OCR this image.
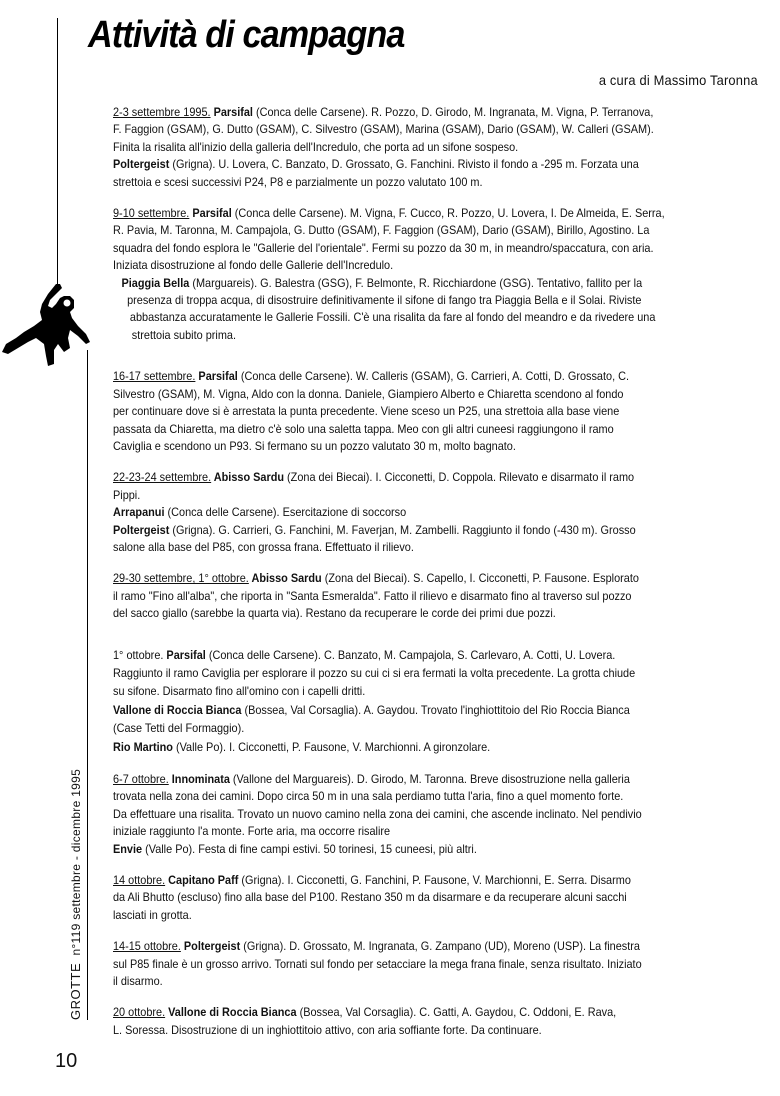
Attività di campagna
a cura di Massimo Taronna

2-3 settembre 1995. Parsifal (Conca delle Carsene). R. Pozzo, D. Girodo, M. Ingranata, M. Vigna, P. Terranova,
F. Faggion (GSAM), G. Dutto (GSAM), C. Silvestro (GSAM), Marina (GSAM), Dario (GSAM), W. Calleri (GSAM).
Finita la risalita all'inizio della galleria dell'Incredulo, che porta ad un sifone sospeso.
Poltergeist (Grigna). U. Lovera, C. Banzato, D. Grossato, G. Fanchini. Rivisto il fondo a -295 m. Forzata una
strettoia e scesi successivi P24, P8 e parzialmente un pozzo valutato 100 m.

9-10 settembre. Parsifal (Conca delle Carsene). M. Vigna, F. Cucco, R. Pozzo, U. Lovera, I. De Almeida, E. Serra,
R. Pavia, M. Taronna, M. Campajola, G. Dutto (GSAM), F. Faggion (GSAM), Dario (GSAM), Birillo, Agostino. La
squadra del fondo esplora le "Gallerie del l'orientale". Fermi su pozzo da 30 m, in meandro/spaccatura, con aria.
Iniziata disostruzione al fondo delle Gallerie dell'Incredulo.
Piaggia Bella (Marguareis). G. Balestra (GSG), F. Belmonte, R. Ricchiardone (GSG). Tentativo, fallito per la
presenza di troppa acqua, di disostruire definitivamente il sifone di fango tra Piaggia Bella e il Solai. Riviste
abbastanza accuratamente le Gallerie Fossili. C'è una risalita da fare al fondo del meandro e da rivedere una
strettoia subito prima.

16-17 settembre. Parsifal (Conca delle Carsene). W. Calleris (GSAM), G. Carrieri, A. Cotti, D. Grossato, C.
Silvestro (GSAM), M. Vigna, Aldo con la donna. Daniele, Giampiero Alberto e Chiaretta scendono al fondo
per continuare dove si è arrestata la punta precedente. Viene sceso un P25, una strettoia alla base viene
passata da Chiaretta, ma dietro c'è solo una saletta tappa. Meo con gli altri cuneesi raggiungono il ramo
Caviglia e scendono un P93. Si fermano su un pozzo valutato 30 m, molto bagnato.

22-23-24 settembre. Abisso Sardu (Zona dei Biecai). I. Cicconetti, D. Coppola. Rilevato e disarmato il ramo
Pippi.
Arrapanui (Conca delle Carsene). Esercitazione di soccorso
Poltergeist (Grigna). G. Carrieri, G. Fanchini, M. Faverjan, M. Zambelli. Raggiunto il fondo (-430 m). Grosso
salone alla base del P85, con grossa frana. Effettuato il rilievo.

29-30 settembre, 1° ottobre. Abisso Sardu (Zona del Biecai). S. Capello, I. Cicconetti, P. Fausone. Esplorato
il ramo "Fino all'alba", che riporta in "Santa Esmeralda". Fatto il rilievo e disarmato fino al traverso sul pozzo
del sacco giallo (sarebbe la quarta via). Restano da recuperare le corde dei primi due pozzi.

1° ottobre. Parsifal (Conca delle Carsene). C. Banzato, M. Campajola, S. Carlevaro, A. Cotti, U. Lovera.
Raggiunto il ramo Caviglia per esplorare il pozzo su cui ci si era fermati la volta precedente. La grotta chiude
su sifone. Disarmato fino all'omino con i capelli dritti.
Vallone di Roccia Bianca (Bossea, Val Corsaglia). A. Gaydou. Trovato l'inghiottitoio del Rio Roccia Bianca
(Case Tetti del Formaggio).
Rio Martino (Valle Po). I. Cicconetti, P. Fausone, V. Marchionni. A gironzolare.

6-7 ottobre. Innominata (Vallone del Marguareis). D. Girodo, M. Taronna. Breve disostruzione nella galleria
trovata nella zona dei camini. Dopo circa 50 m in una sala perdiamo tutta l'aria, fino a quel momento forte.
Da effettuare una risalita. Trovato un nuovo camino nella zona dei camini, che ascende inclinato. Nel pendivio
iniziale raggiunto l'a monte. Forte aria, ma occorre risalire
Envie (Valle Po). Festa di fine campi estivi. 50 torinesi, 15 cuneesi, più altri.

14 ottobre. Capitano Paff (Grigna). I. Cicconetti, G. Fanchini, P. Fausone, V. Marchionni, E. Serra. Disarmo
da Ali Bhutto (escluso) fino alla base del P100. Restano 350 m da disarmare e da recuperare alcuni sacchi
lasciati in grotta.

14-15 ottobre. Poltergeist (Grigna). D. Grossato, M. Ingranata, G. Zampano (UD), Moreno (USP). La finestra
sul P85 finale è un grosso arrivo. Tornati sul fondo per setacciare la mega frana finale, senza risultato. Iniziato
il disarmo.

20 ottobre. Vallone di Roccia Bianca (Bossea, Val Corsaglia). C. Gatti, A. Gaydou, C. Oddoni, E. Rava,
L. Soressa. Disostruzione di un inghiottitoio attivo, con aria soffiante forte. Da continuare.

GROTTE  n°119 settembre - dicembre 1995
10
